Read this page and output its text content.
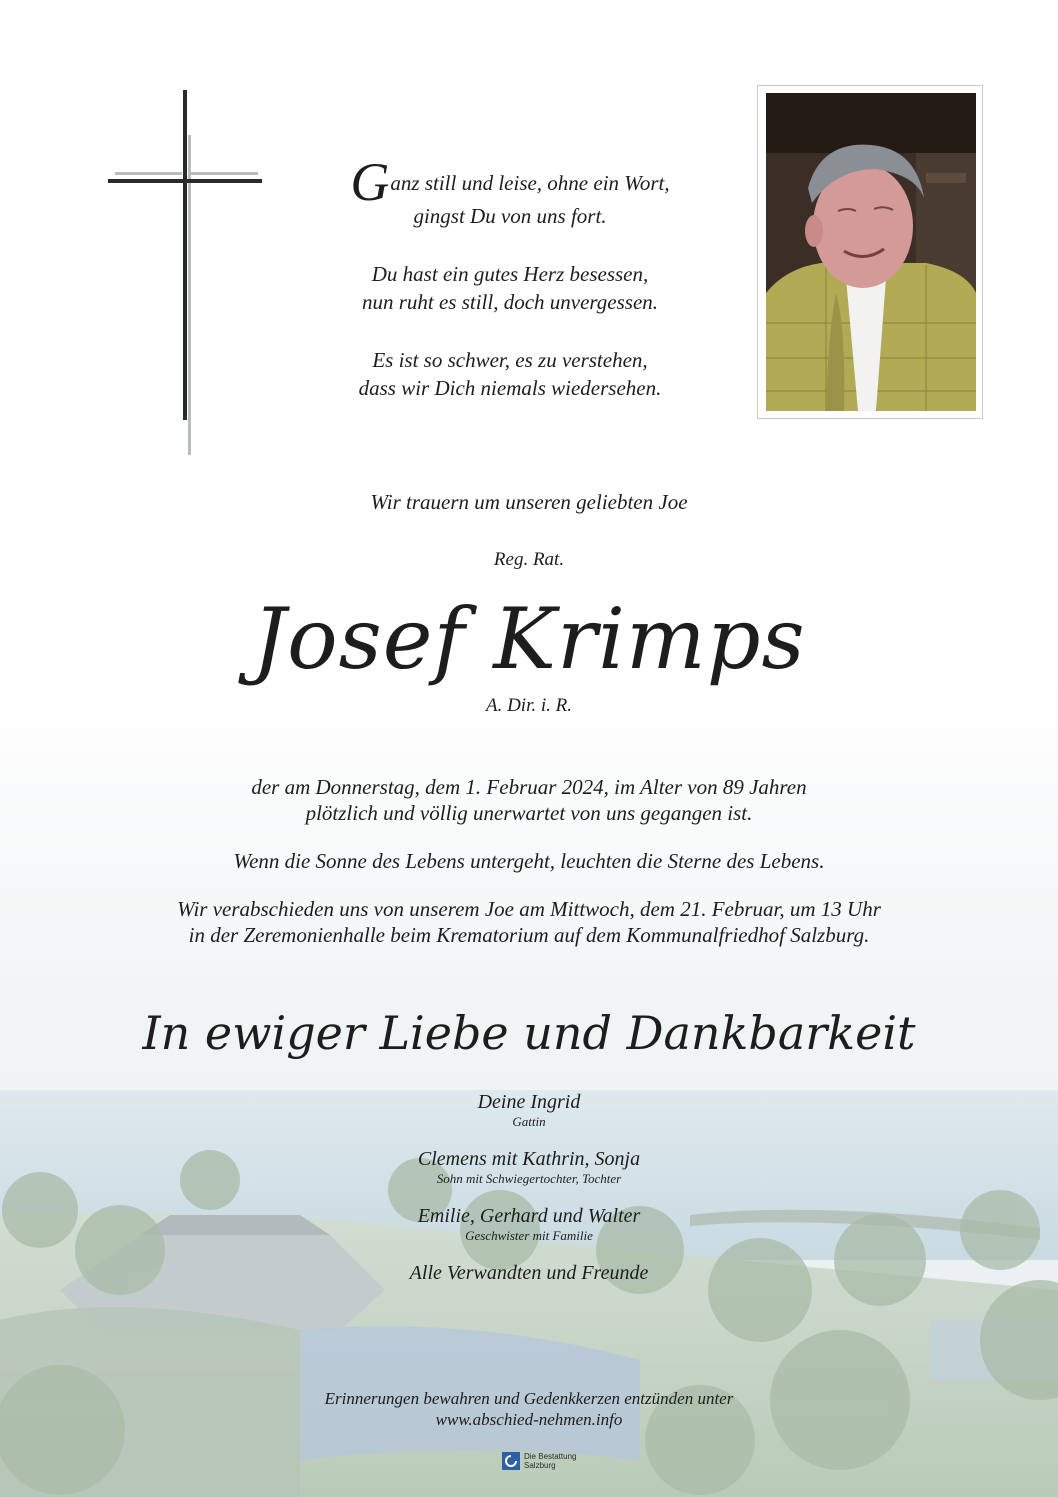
Ganz still und leise, ohne ein Wort,
gingst Du von uns fort.

Du hast ein gutes Herz besessen,
nun ruht es still, doch unvergessen.

Es ist so schwer, es zu verstehen,
dass wir Dich niemals wiedersehen.

Wir trauern um unseren geliebten Joe
Reg. Rat.
Josef Krimps
A. Dir. i. R.

der am Donnerstag, dem 1. Februar 2024, im Alter von 89 Jahren
plötzlich und völlig unerwartet von uns gegangen ist.

Wenn die Sonne des Lebens untergeht, leuchten die Sterne des Lebens.

Wir verabschieden uns von unserem Joe am Mittwoch, dem 21. Februar, um 13 Uhr
in der Zeremonienhalle beim Krematorium auf dem Kommunalfriedhof Salzburg.

In ewiger Liebe und Dankbarkeit
Deine Ingrid
Gattin
Clemens mit Kathrin, Sonja
Sohn mit Schwiegertochter, Tochter
Emilie, Gerhard und Walter
Geschwister mit Familie
Alle Verwandten und Freunde
Erinnerungen bewahren und Gedenkkerzen entzünden unter
www.abschied-nehmen.info
Die Bestattung
Salzburg
